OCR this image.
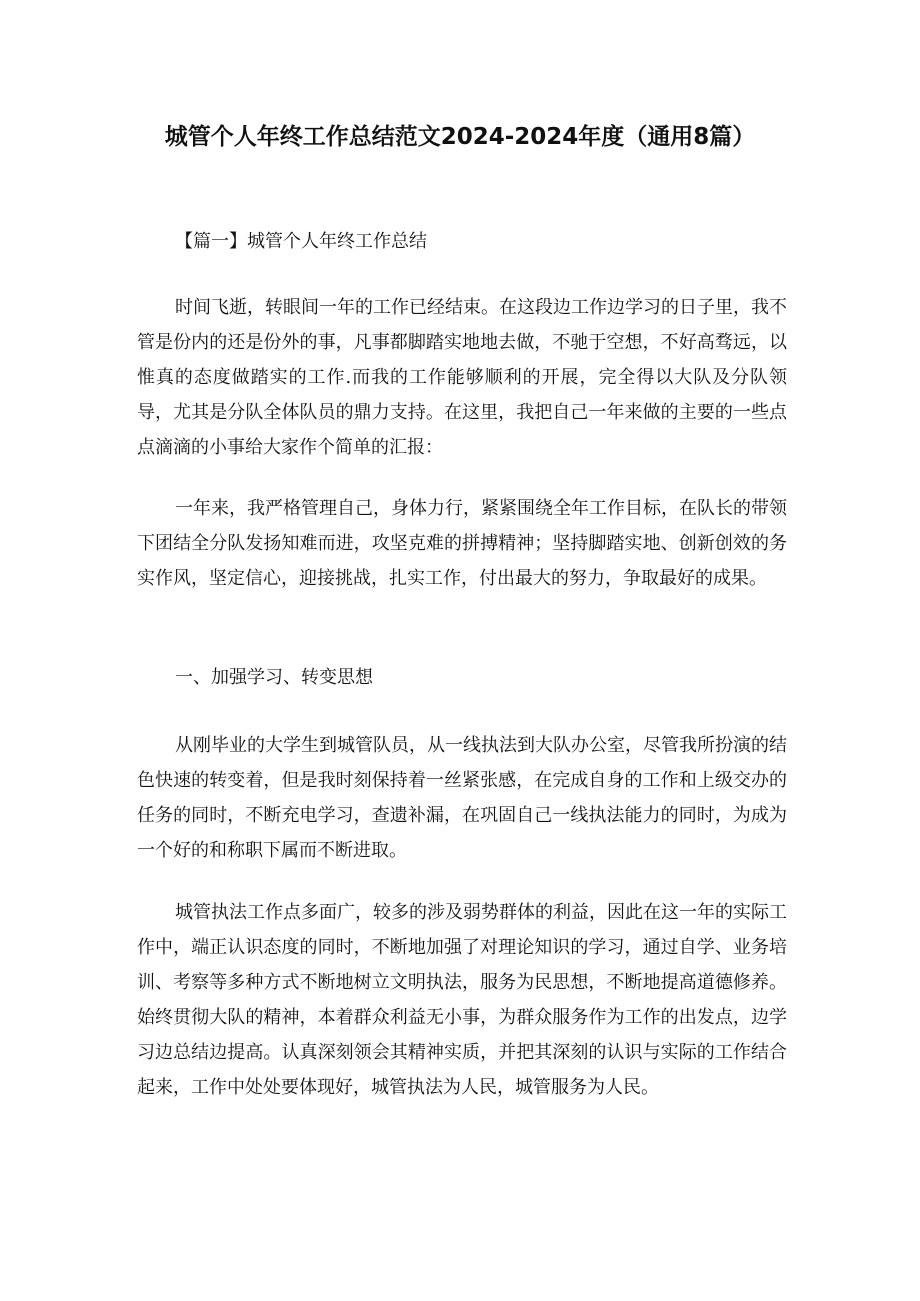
城管个人年终工作总结范文2024-2024年度（通用8篇）
【篇一】城管个人年终工作总结

时间飞逝，转眼间一年的工作已经结束。在这段边工作边学习的日子里，我不管是份内的还是份外的事，凡事都脚踏实地地去做，不驰于空想，不好高骛远，以惟真的态度做踏实的工作.而我的工作能够顺利的开展，完全得以大队及分队领导，尤其是分队全体队员的鼎力支持。在这里，我把自己一年来做的主要的一些点点滴滴的小事给大家作个简单的汇报：

一年来，我严格管理自己，身体力行，紧紧围绕全年工作目标，在队长的带领下团结全分队发扬知难而进，攻坚克难的拼搏精神；坚持脚踏实地、创新创效的务实作风，坚定信心，迎接挑战，扎实工作，付出最大的努力，争取最好的成果。

一、加强学习、转变思想

从刚毕业的大学生到城管队员，从一线执法到大队办公室，尽管我所扮演的结色快速的转变着，但是我时刻保持着一丝紧张感，在完成自身的工作和上级交办的任务的同时，不断充电学习，查遗补漏，在巩固自己一线执法能力的同时，为成为一个好的和称职下属而不断进取。

城管执法工作点多面广，较多的涉及弱势群体的利益，因此在这一年的实际工作中，端正认识态度的同时，不断地加强了对理论知识的学习，通过自学、业务培训、考察等多种方式不断地树立文明执法，服务为民思想，不断地提高道德修养。始终贯彻大队的精神，本着群众利益无小事，为群众服务作为工作的出发点，边学习边总结边提高。认真深刻领会其精神实质，并把其深刻的认识与实际的工作结合起来，工作中处处要体现好，城管执法为人民，城管服务为人民。
